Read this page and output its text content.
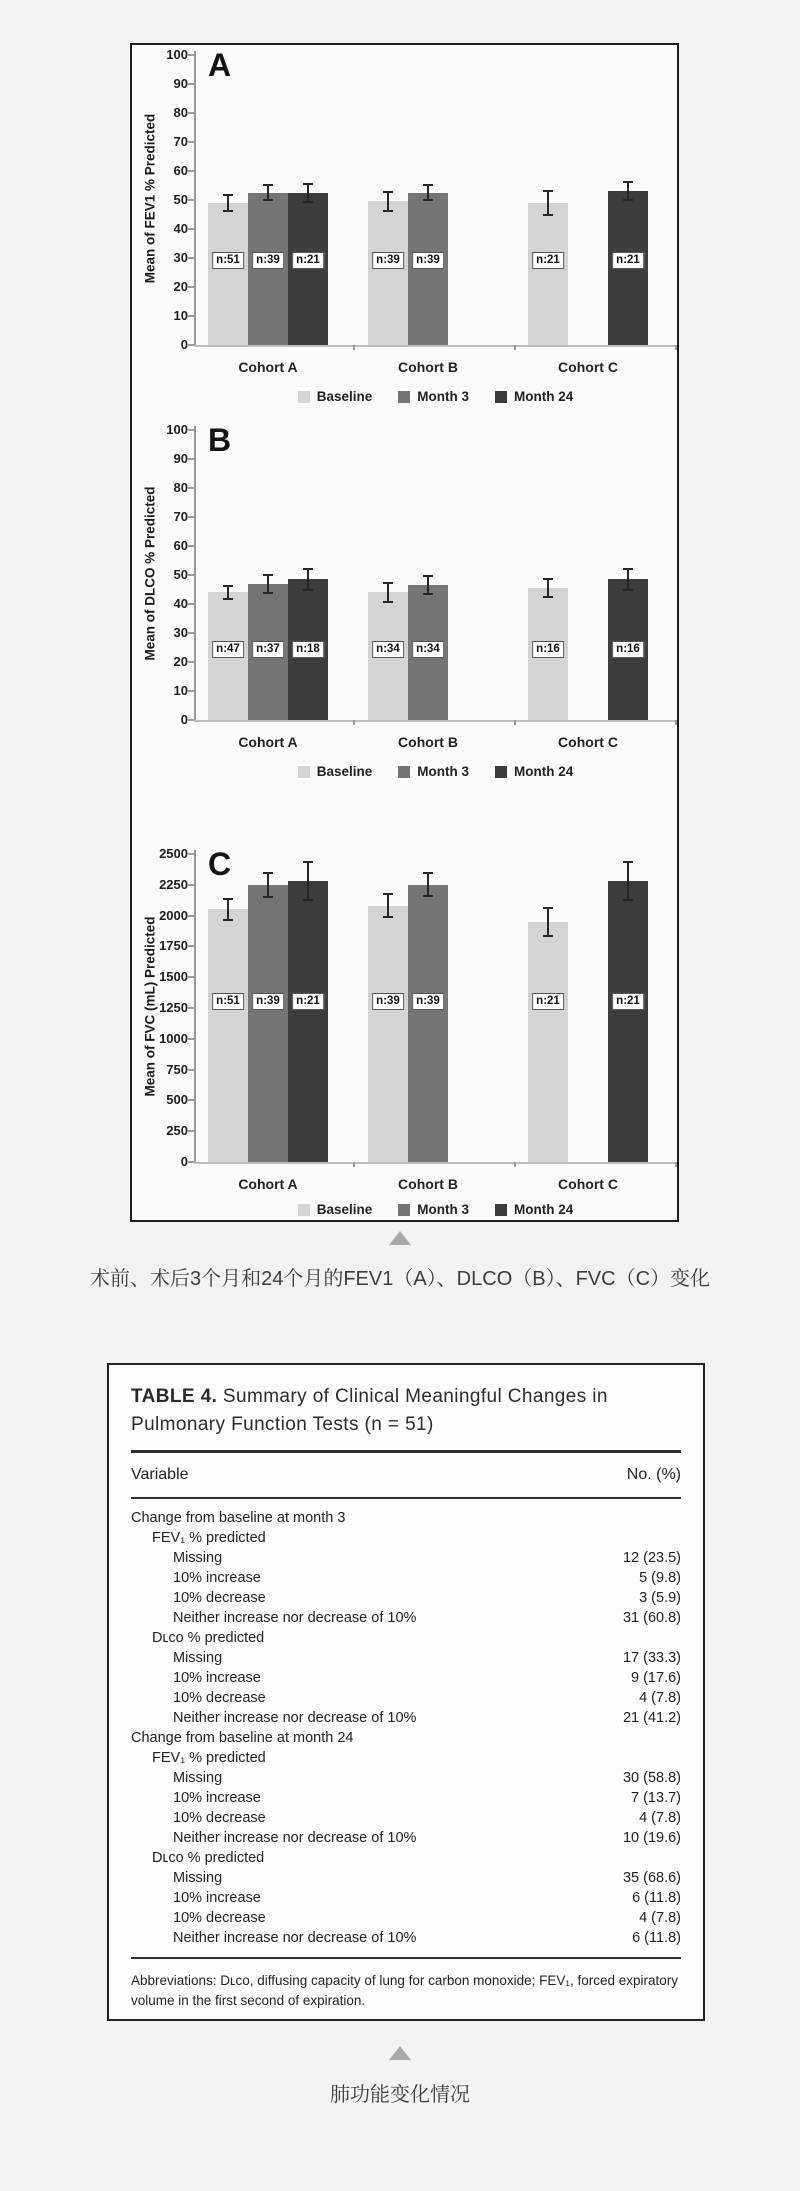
0
10
20
30
40
50
60
70
80
90
100 A
Mean of FEV1 % Predicted	n:51	n:39	n:21
Cohort A
n:39	n:39
Cohort B
n:21	n:21
Cohort C
Baseline	Month 3	Month 24
0
10
20
30
40
50
60
70
80
90
100 B
Mean of DLCO % Predicted	n:47	n:37	n:18
Cohort A
n:34	n:34
Cohort B
n:16	n:16
Cohort C
Baseline	Month 3	Month 24
0
250
500
750
1000
1250
1500
1750
2000
2250
2500 C
Mean of FVC (mL) Predicted	n:51	n:39	n:21
Cohort A
n:39	n:39
Cohort B
n:21	n:21
Cohort C
Baseline	Month 3	Month 24
术前、术后3个月和24个月的FEV1（A）、DLCO（B）、FVC（C）变化
TABLE 4. Summary of Clinical Meaningful Changes in Pulmonary Function Tests (n = 51)
Variable	No. (%)
Change from baseline at month 3
FEV₁ % predicted
Missing	12 (23.5)
10% increase	5 (9.8)
10% decrease	3 (5.9)
Neither increase nor decrease of 10%	31 (60.8)
Dʟᴄᴏ % predicted
Missing	17 (33.3)
10% increase	9 (17.6)
10% decrease	4 (7.8)
Neither increase nor decrease of 10%	21 (41.2)
Change from baseline at month 24
FEV₁ % predicted
Missing	30 (58.8)
10% increase	7 (13.7)
10% decrease	4 (7.8)
Neither increase nor decrease of 10%	10 (19.6)
Dʟᴄᴏ % predicted
Missing	35 (68.6)
10% increase	6 (11.8)
10% decrease	4 (7.8)
Neither increase nor decrease of 10%	6 (11.8)
Abbreviations: Dʟᴄᴏ, diffusing capacity of lung for carbon monoxide; FEV₁, forced expiratory volume in the first second of expiration.
肺功能变化情况
